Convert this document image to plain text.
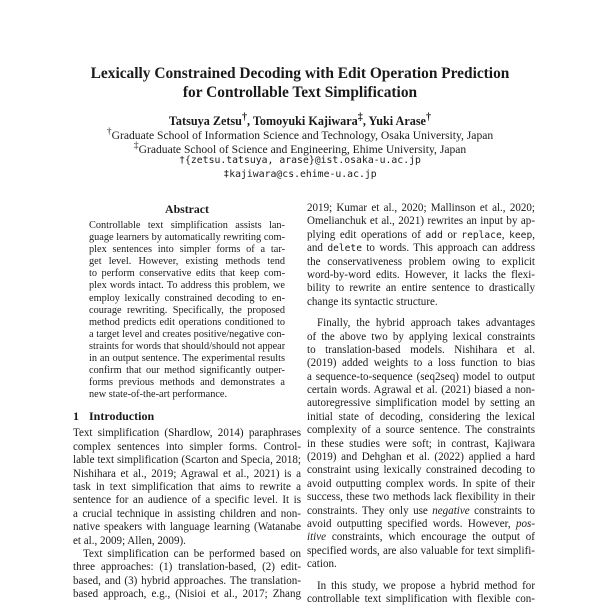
Lexically Constrained Decoding with Edit Operation Prediction
for Controllable Text Simplification
Tatsuya Zetsu†, Tomoyuki Kajiwara‡, Yuki Arase†
†Graduate School of Information Science and Technology, Osaka University, Japan
‡Graduate School of Science and Engineering, Ehime University, Japan
†{zetsu.tatsuya, arase}@ist.osaka-u.ac.jp
‡kajiwara@cs.ehime-u.ac.jp
Abstract
Controllable text simplification assists lan-
guage learners by automatically rewriting com-
plex sentences into simpler forms of a tar-
get level. However, existing methods tend
to perform conservative edits that keep com-
plex words intact. To address this problem, we
employ lexically constrained decoding to en-
courage rewriting. Specifically, the proposed
method predicts edit operations conditioned to
a target level and creates positive/negative con-
straints for words that should/should not appear
in an output sentence. The experimental results
confirm that our method significantly outper-
forms previous methods and demonstrates a
new state-of-the-art performance.
1 Introduction
Text simplification (Shardlow, 2014) paraphrases
complex sentences into simpler forms. Control-
lable text simplification (Scarton and Specia, 2018;
Nishihara et al., 2019; Agrawal et al., 2021) is a
task in text simplification that aims to rewrite a
sentence for an audience of a specific level. It is
a crucial technique in assisting children and non-
native speakers with language learning (Watanabe
et al., 2009; Allen, 2009).
Text simplification can be performed based on
three approaches: (1) translation-based, (2) edit-
based, and (3) hybrid approaches. The translation-
based approach, e.g., (Nisioi et al., 2017; Zhang
2019; Kumar et al., 2020; Mallinson et al., 2020;
Omelianchuk et al., 2021) rewrites an input by ap-
plying edit operations of add or replace, keep,
and delete to words. This approach can address
the conservativeness problem owing to explicit
word-by-word edits. However, it lacks the flexi-
bility to rewrite an entire sentence to drastically
change its syntactic structure.
Finally, the hybrid approach takes advantages
of the above two by applying lexical constraints
to translation-based models. Nishihara et al.
(2019) added weights to a loss function to bias
a sequence-to-sequence (seq2seq) model to output
certain words. Agrawal et al. (2021) biased a non-
autoregressive simplification model by setting an
initial state of decoding, considering the lexical
complexity of a source sentence. The constraints
in these studies were soft; in contrast, Kajiwara
(2019) and Dehghan et al. (2022) applied a hard
constraint using lexically constrained decoding to
avoid outputting complex words. In spite of their
success, these two methods lack flexibility in their
constraints. They only use negative constraints to
avoid outputting specified words. However, pos-
itive constraints, which encourage the output of
specified words, are also valuable for text simplifi-
cation.
In this study, we propose a hybrid method for
controllable text simplification with flexible con-
